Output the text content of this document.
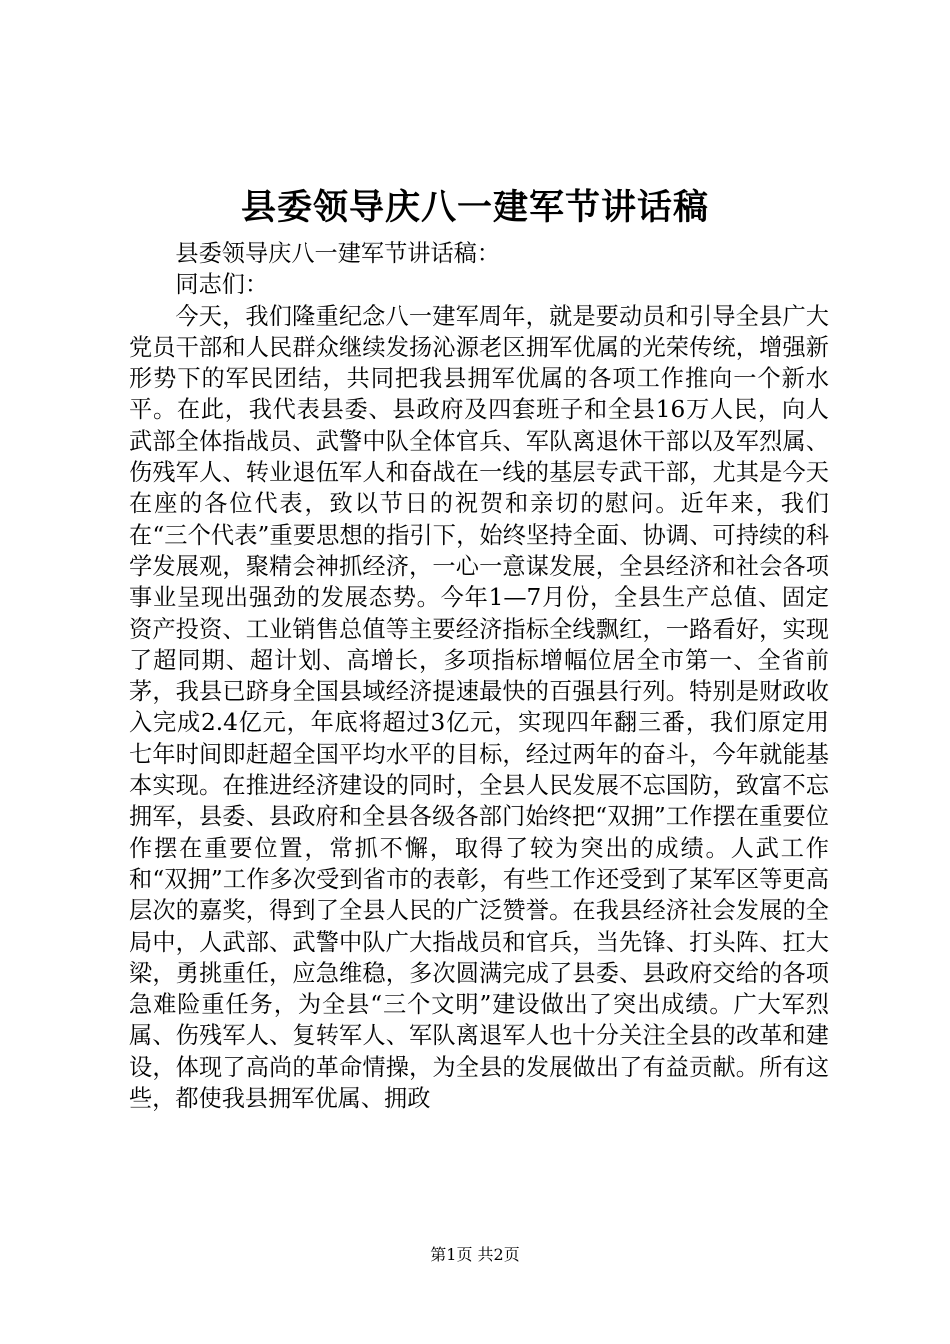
县委领导庆八一建军节讲话稿

县委领导庆八一建军节讲话稿：

同志们：

今天，我们隆重纪念八一建军周年，就是要动员和引导全县广大党员干部和人民群众继续发扬沁源老区拥军优属的光荣传统，增强新形势下的军民团结，共同把我县拥军优属的各项工作推向一个新水平。在此，我代表县委、县政府及四套班子和全县16万人民，向人武部全体指战员、武警中队全体官兵、军队离退休干部以及军烈属、伤残军人、转业退伍军人和奋战在一线的基层专武干部，尤其是今天在座的各位代表，致以节日的祝贺和亲切的慰问。近年来，我们在“三个代表”重要思想的指引下，始终坚持全面、协调、可持续的科学发展观，聚精会神抓经济，一心一意谋发展，全县经济和社会各项事业呈现出强劲的发展态势。今年1—7月份，全县生产总值、固定资产投资、工业销售总值等主要经济指标全线飘红，一路看好，实现了超同期、超计划、高增长，多项指标增幅位居全市第一、全省前茅，我县已跻身全国县域经济提速最快的百强县行列。特别是财政收入完成2.4亿元，年底将超过3亿元，实现四年翻三番，我们原定用七年时间即赶超全国平均水平的目标，经过两年的奋斗，今年就能基本实现。在推进经济建设的同时，全县人民发展不忘国防，致富不忘拥军，县委、县政府和全县各级各部门始终把“双拥”工作摆在重要位作摆在重要位置，常抓不懈，取得了较为突出的成绩。人武工作和“双拥”工作多次受到省市的表彰，有些工作还受到了某军区等更高层次的嘉奖，得到了全县人民的广泛赞誉。在我县经济社会发展的全局中，人武部、武警中队广大指战员和官兵，当先锋、打头阵、扛大梁，勇挑重任，应急维稳，多次圆满完成了县委、县政府交给的各项急难险重任务，为全县“三个文明”建设做出了突出成绩。广大军烈属、伤残军人、复转军人、军队离退军人也十分关注全县的改革和建设，体现了高尚的革命情操，为全县的发展做出了有益贡献。所有这些，都使我县拥军优属、拥政

第1页 共2页
